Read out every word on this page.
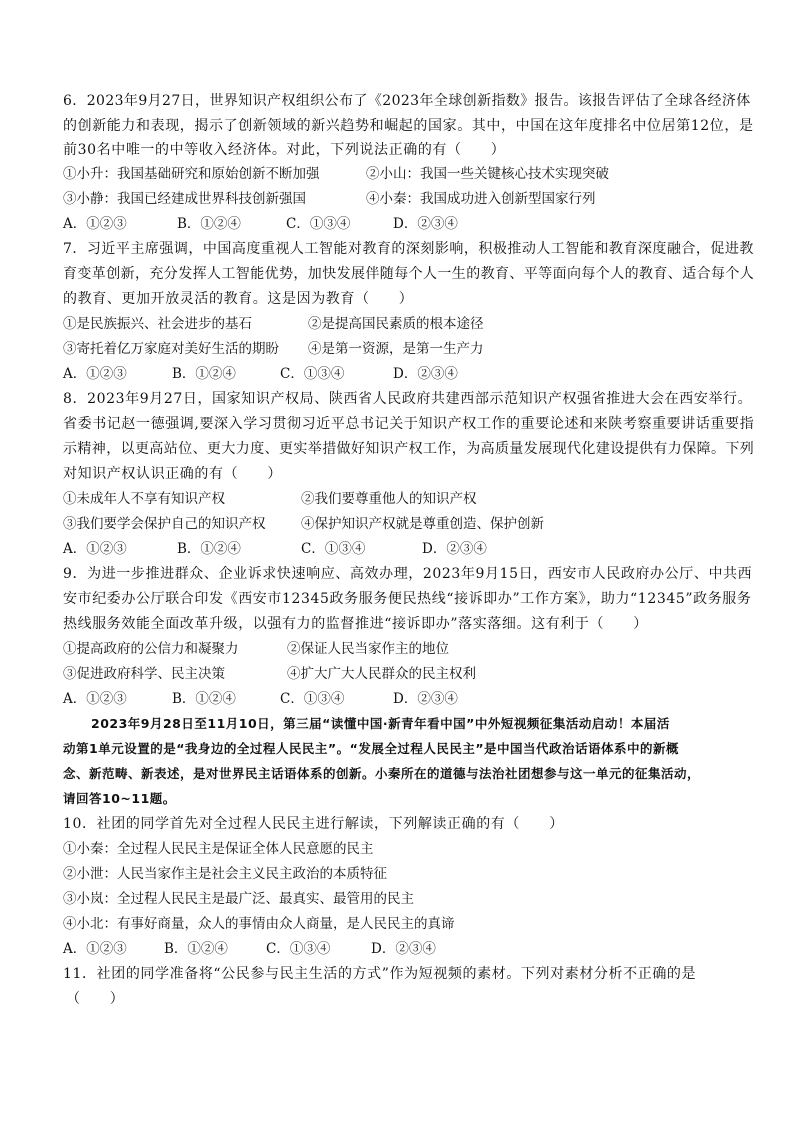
6．2023年9月27日，世界知识产权组织公布了《2023年全球创新指数》报告。该报告评估了全球各经济体
的创新能力和表现，揭示了创新领域的新兴趋势和崛起的国家。其中，中国在这年度排名中位居第12位，是
前30名中唯一的中等收入经济体。对此，下列说法正确的有（　　）
①小升：我国基础研究和原始创新不断加强	②小山：我国一些关键核心技术实现突破
③小静：我国已经建成世界科技创新强国	④小秦：我国成功进入创新型国家行列
A．①②③	B．①②④	C．①③④	D．②③④
7．习近平主席强调，中国高度重视人工智能对教育的深刻影响，积极推动人工智能和教育深度融合，促进教
育变革创新，充分发挥人工智能优势，加快发展伴随每个人一生的教育、平等面向每个人的教育、适合每个人
的教育、更加开放灵活的教育。这是因为教育（　　）
①是民族振兴、社会进步的基石	②是提高国民素质的根本途径
③寄托着亿万家庭对美好生活的期盼 ④是第一资源，是第一生产力
A．①②③	B．①②④	C．①③④	D．②③④
8．2023年9月27日，国家知识产权局、陕西省人民政府共建西部示范知识产权强省推进大会在西安举行。
省委书记赵一德强调,要深入学习贯彻习近平总书记关于知识产权工作的重要论述和来陕考察重要讲话重要指
示精神，以更高站位、更大力度、更实举措做好知识产权工作，为高质量发展现代化建设提供有力保障。下列
对知识产权认识正确的有（　　）
①未成年人不享有知识产权	②我们要尊重他人的知识产权
③我们要学会保护自己的知识产权	④保护知识产权就是尊重创造、保护创新
A．①②③	B．①②④	C．①③④	D．②③④
9．为进一步推进群众、企业诉求快速响应、高效办理，2023年9月15日，西安市人民政府办公厅、中共西
安市纪委办公厅联合印发《西安市12345政务服务便民热线“接诉即办”工作方案》，助力“12345”政务服务
热线服务效能全面改革升级，以强有力的监督推进“接诉即办”落实落细。这有利于（　　）
①提高政府的公信力和凝聚力	②保证人民当家作主的地位
③促进政府科学、民主决策	④扩大广大人民群众的民主权利
A．①②③	B．①②④	C．①③④	D．②③④
2023年9月28日至11月10日，第三届“读懂中国·新青年看中国”中外短视频征集活动启动！本届活
动第1单元设置的是“我身边的全过程人民民主”。“发展全过程人民民主”是中国当代政治话语体系中的新概
念、新范畴、新表述，是对世界民主话语体系的创新。小秦所在的道德与法治社团想参与这一单元的征集活动，
请回答10~11题。
10．社团的同学首先对全过程人民民主进行解读，下列解读正确的有（　　）
①小秦：全过程人民民主是保证全体人民意愿的民主
②小泄：人民当家作主是社会主义民主政治的本质特征
③小岚：全过程人民民主是最广泛、最真实、最管用的民主
④小北：有事好商量，众人的事情由众人商量，是人民民主的真谛
A．①②③	B．①②④	C．①③④	D．②③④
11．社团的同学准备将“公民参与民主生活的方式”作为短视频的素材。下列对素材分析不正确的是
（　　）
